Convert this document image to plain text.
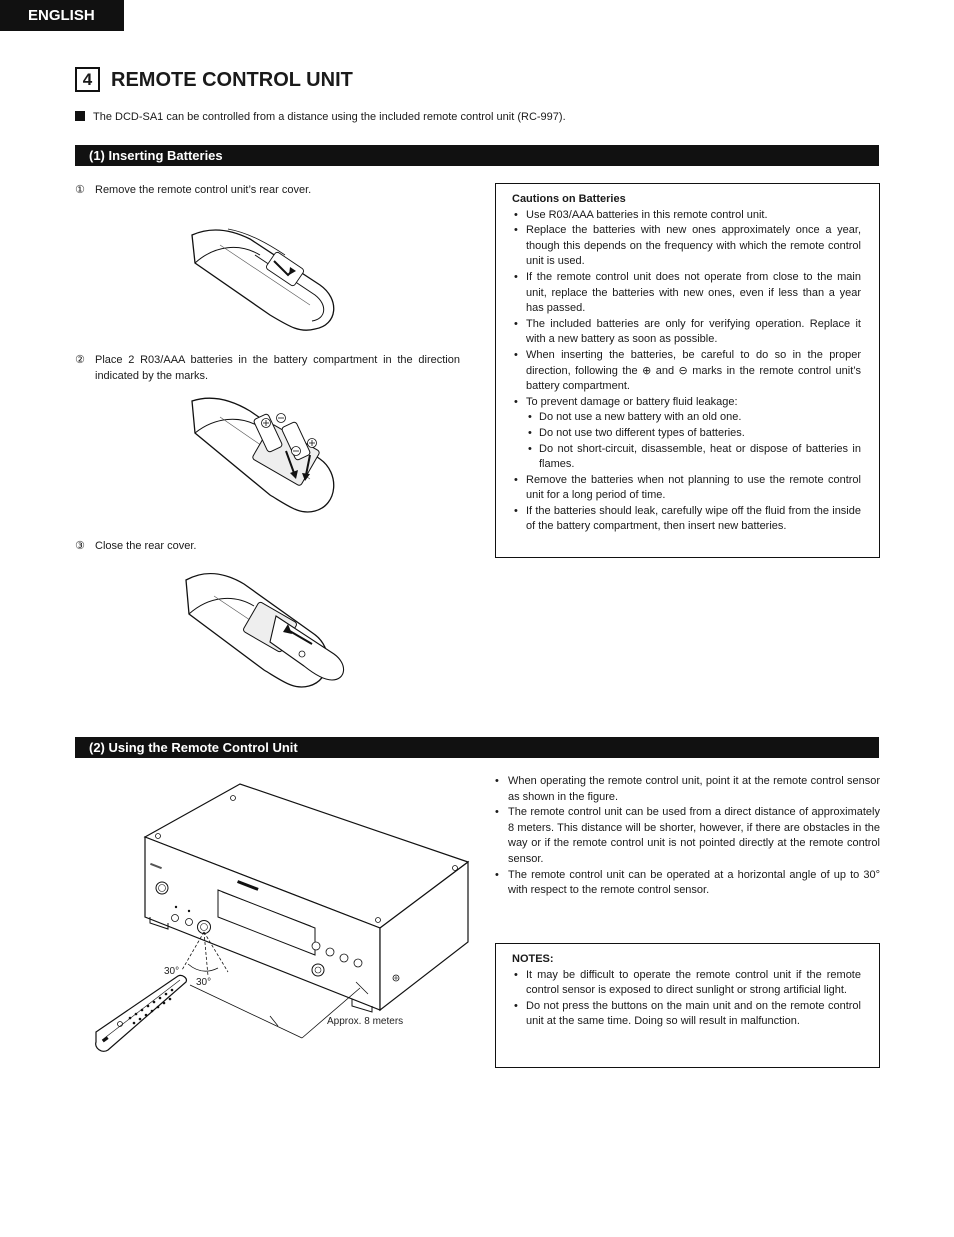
ENGLISH
4 REMOTE CONTROL UNIT
The DCD-SA1 can be controlled from a distance using the included remote control unit (RC-997).
(1) Inserting Batteries
① Remove the remote control unit’s rear cover.
② Place 2 R03/AAA batteries in the battery compartment in the direction indicated by the marks.
③ Close the rear cover.
Cautions on Batteries
• Use R03/AAA batteries in this remote control unit.
• Replace the batteries with new ones approximately once a year, though this depends on the frequency with which the remote control unit is used.
• If the remote control unit does not operate from close to the main unit, replace the batteries with new ones, even if less than a year has passed.
• The included batteries are only for verifying operation. Replace it with a new battery as soon as possible.
• When inserting the batteries, be careful to do so in the proper direction, following the ⊕ and ⊖ marks in the remote control unit’s battery compartment.
• To prevent damage or battery fluid leakage:
• Do not use a new battery with an old one.
• Do not use two different types of batteries.
• Do not short-circuit, disassemble, heat or dispose of batteries in flames.
• Remove the batteries when not planning to use the remote control unit for a long period of time.
• If the batteries should leak, carefully wipe off the fluid from the inside of the battery compartment, then insert new batteries.
(2) Using the Remote Control Unit
30°
30°
Approx. 8 meters
• When operating the remote control unit, point it at the remote control sensor as shown in the figure.
• The remote control unit can be used from a direct distance of approximately 8 meters. This distance will be shorter, however, if there are obstacles in the way or if the remote control unit is not pointed directly at the remote control sensor.
• The remote control unit can be operated at a horizontal angle of up to 30° with respect to the remote control sensor.
NOTES:
• It may be difficult to operate the remote control unit if the remote control sensor is exposed to direct sunlight or strong artificial light.
• Do not press the buttons on the main unit and on the remote control unit at the same time. Doing so will result in malfunction.
